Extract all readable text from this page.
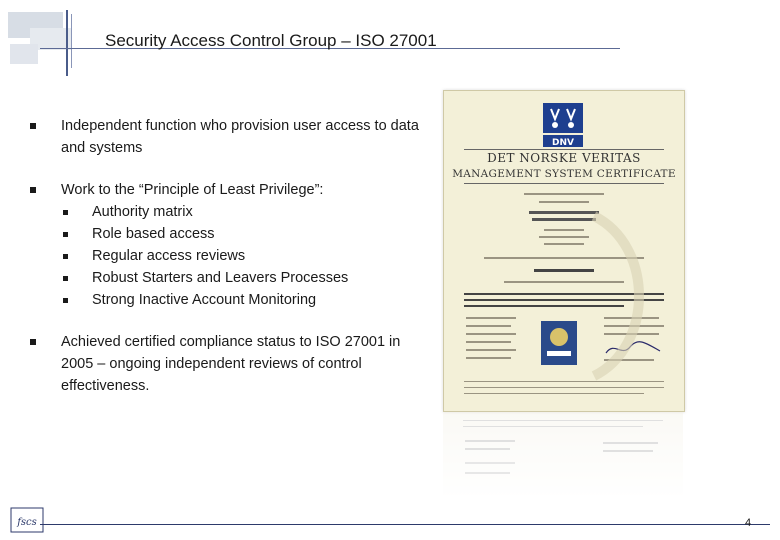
Security Access Control Group – ISO 27001
Independent function who provision user access to data and systems
Work to the “Principle of Least Privilege”:
Authority matrix
Role based access
Regular access reviews
Robust Starters and Leavers Processes
Strong Inactive Account Monitoring
Achieved certified compliance status to ISO 27001 in 2005 – ongoing independent reviews of control effectiveness.
DNV
DET NORSKE VERITAS
MANAGEMENT SYSTEM CERTIFICATE
fscs	4
